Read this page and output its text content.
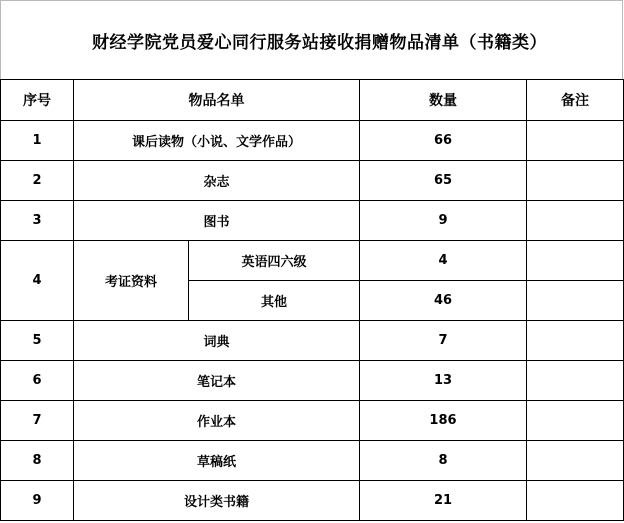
财经学院党员爱心同行服务站接收捐赠物品清单（书籍类）
序号	物品名单		数量	备注
1	课后读物（小说、文学作品）		66	
2	杂志		65	
3	图书		9	
4	考证资料	英语四六级	4	
		其他	46	
5	词典		7	
6	笔记本		13	
7	作业本		186	
8	草稿纸		8	
9	设计类书籍		21	
